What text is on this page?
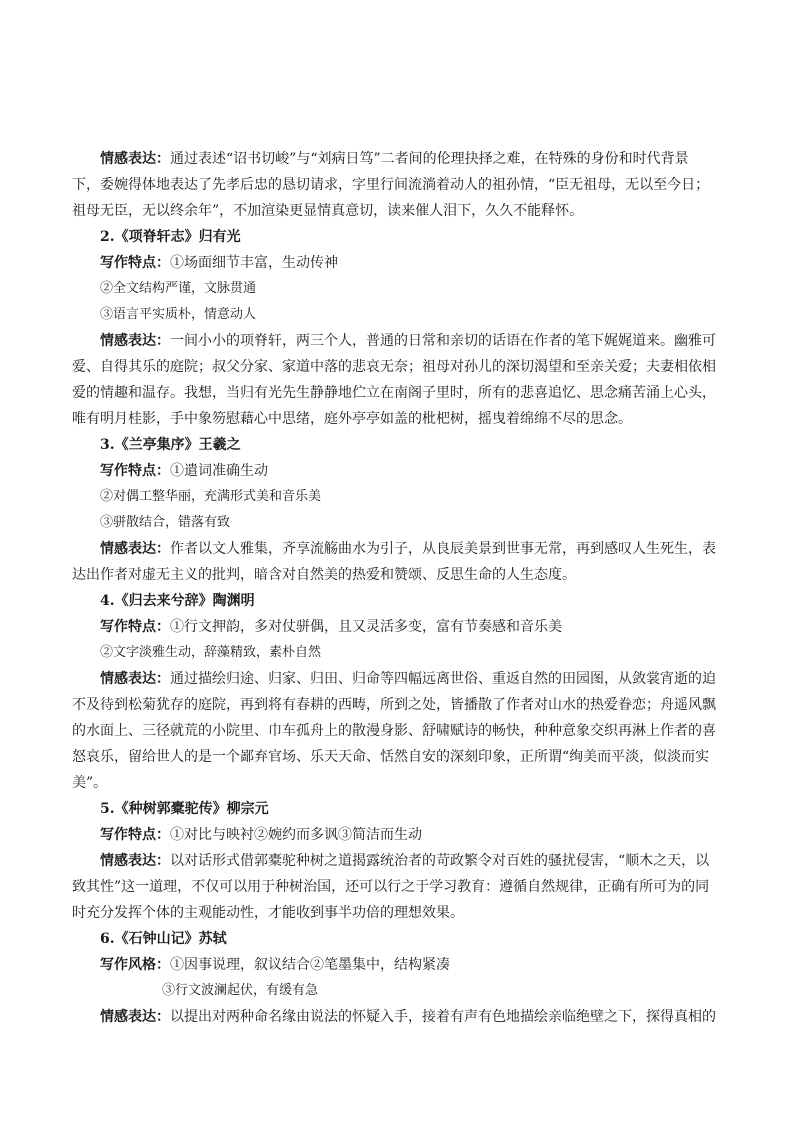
情感表达：通过表述“诏书切峻”与“刘病日笃”二者间的伦理抉择之难，在特殊的身份和时代背景
下，委婉得体地表达了先孝后忠的恳切请求，字里行间流淌着动人的祖孙情，“臣无祖母，无以至今日；
祖母无臣，无以终余年”，不加渲染更显情真意切，读来催人泪下，久久不能释怀。
2.《项脊轩志》归有光
写作特点：①场面细节丰富，生动传神
②全文结构严谨，文脉贯通
③语言平实质朴，情意动人
情感表达：一间小小的项脊轩，两三个人，普通的日常和亲切的话语在作者的笔下娓娓道来。幽雅可
爱、自得其乐的庭院；叔父分家、家道中落的悲哀无奈；祖母对孙儿的深切渴望和至亲关爱；夫妻相依相
爱的情趣和温存。我想，当归有光先生静静地伫立在南阁子里时，所有的悲喜追忆、思念痛苦涌上心头，
唯有明月桂影，手中象笏慰藉心中思绪，庭外亭亭如盖的枇杷树，摇曳着绵绵不尽的思念。
3.《兰亭集序》王羲之
写作特点：①遣词准确生动
②对偶工整华丽，充满形式美和音乐美
③骈散结合，错落有致
情感表达：作者以文人雅集，齐享流觞曲水为引子，从良辰美景到世事无常，再到感叹人生死生，表
达出作者对虚无主义的批判，暗含对自然美的热爱和赞颂、反思生命的人生态度。
4.《归去来兮辞》陶渊明
写作特点：①行文押韵，多对仗骈偶，且又灵活多变，富有节奏感和音乐美
②文字淡雅生动，辞藻精致，素朴自然
情感表达：通过描绘归途、归家、归田、归命等四幅远离世俗、重返自然的田园图，从敛裳宵逝的迫
不及待到松菊犹存的庭院，再到将有春耕的西畴，所到之处，皆播散了作者对山水的热爱眷恋；舟遥风飘
的水面上、三径就荒的小院里、巾车孤舟上的散漫身影、舒啸赋诗的畅快，种种意象交织再淋上作者的喜
怒哀乐，留给世人的是一个鄙弃官场、乐天天命、恬然自安的深刻印象，正所谓“绚美而平淡，似淡而实
美”。
5.《种树郭橐驼传》柳宗元
写作特点：①对比与映衬②婉约而多讽③简洁而生动
情感表达：以对话形式借郭橐驼种树之道揭露统治者的苛政繁令对百姓的骚扰侵害，“顺木之天，以
致其性”这一道理，不仅可以用于种树治国，还可以行之于学习教育：遵循自然规律，正确有所可为的同
时充分发挥个体的主观能动性，才能收到事半功倍的理想效果。
6.《石钟山记》苏轼
写作风格：①因事说理，叙议结合②笔墨集中，结构紧凑
③行文波澜起伏，有缓有急
情感表达：以提出对两种命名缘由说法的怀疑入手，接着有声有色地描绘亲临绝壁之下，探得真相的
